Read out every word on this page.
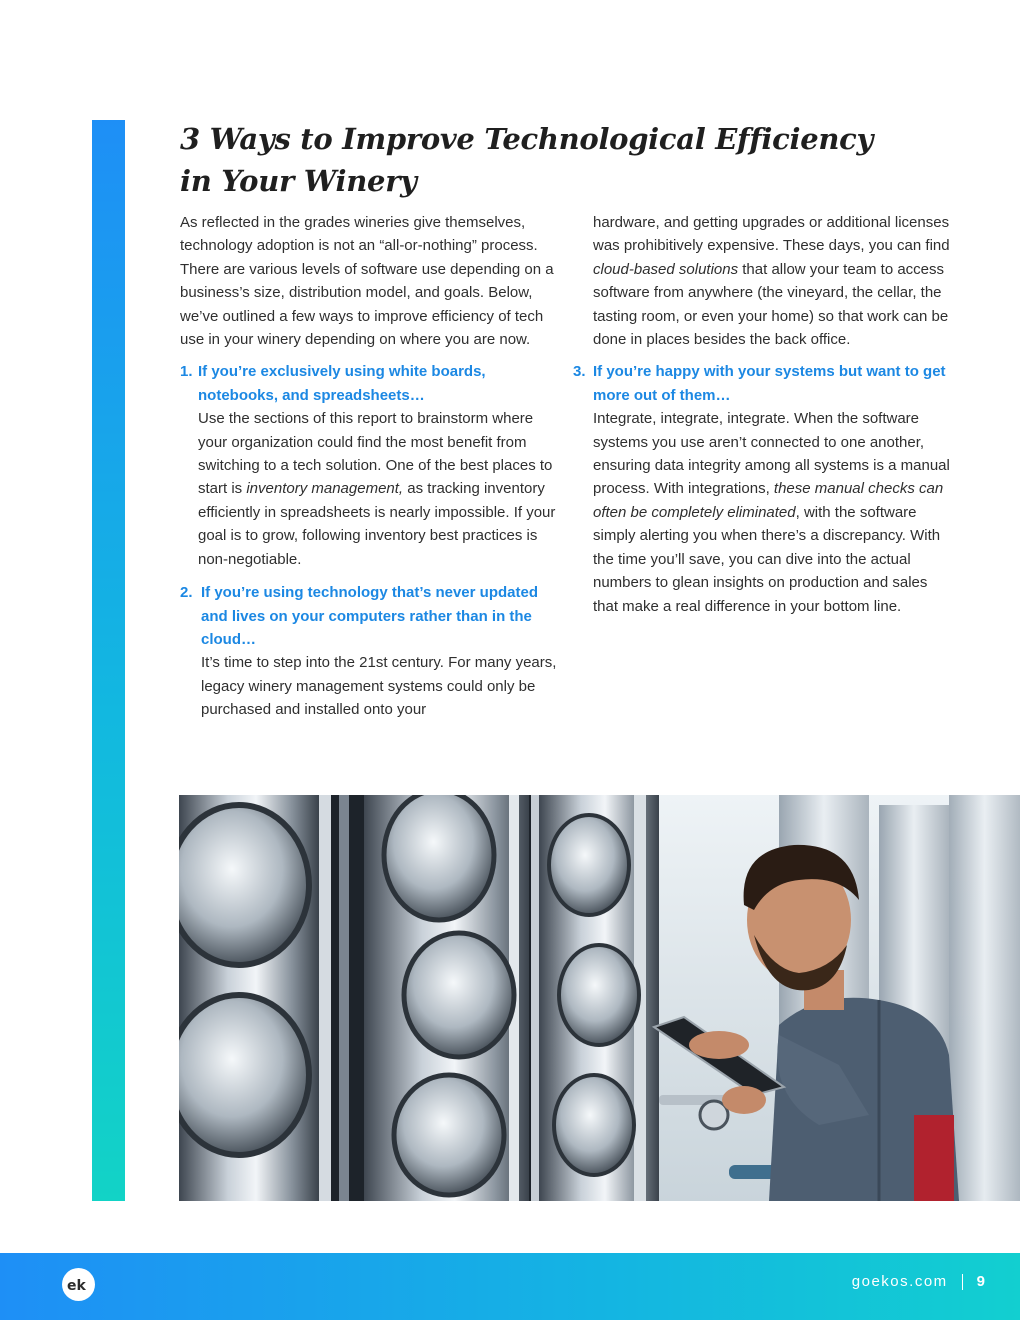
3 Ways to Improve Technological Efficiency
in Your Winery

As reflected in the grades wineries give themselves, technology adoption is not an “all-or-nothing” process. There are various levels of software use depending on a business’s size, distribution model, and goals. Below, we’ve outlined a few ways to improve efficiency of tech use in your winery depending on where you are now.

1. If you’re exclusively using white boards, notebooks, and spreadsheets…
Use the sections of this report to brainstorm where your organization could find the most benefit from switching to a tech solution. One of the best places to start is inventory management, as tracking inventory efficiently in spreadsheets is nearly impossible. If your goal is to grow, following inventory best practices is non-negotiable.
2. If you’re using technology that’s never updated and lives on your computers rather than in the cloud…
It’s time to step into the 21st century. For many years, legacy winery management systems could only be purchased and installed onto your

hardware, and getting upgrades or additional licenses was prohibitively expensive. These days, you can find cloud-based solutions that allow your team to access software from anywhere (the vineyard, the cellar, the tasting room, or even your home) so that work can be done in places besides the back office.

3. If you’re happy with your systems but want to get more out of them…
Integrate, integrate, integrate. When the software systems you use aren’t connected to one another, ensuring data integrity among all systems is a manual process. With integrations, these manual checks can often be completely eliminated, with the software simply alerting you when there’s a discrepancy. With the time you’ll save, you can dive into the actual numbers to glean insights on production and sales that make a real difference in your bottom line.
ek	goekos.com 9
